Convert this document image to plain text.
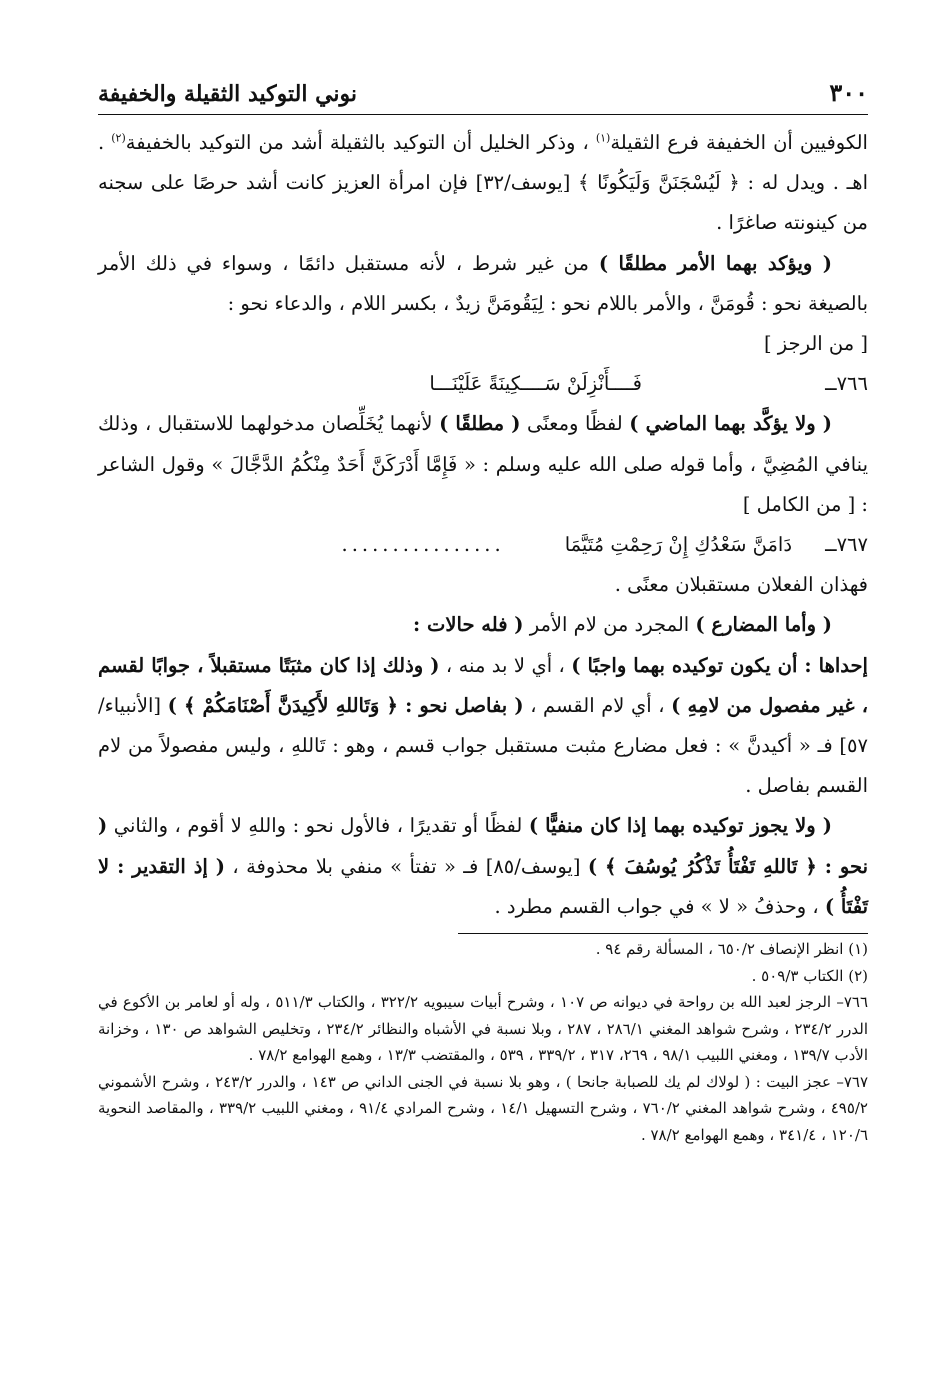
٣٠٠
نوني التوكيد الثقيلة والخفيفة

الكوفيين أن الخفيفة فرع الثقيلة$^{(١)}$ ، وذكر الخليل أن التوكيد بالثقيلة أشد من التوكيد بالخفيفة$^{(٢)}$ . اهـ . ويدل له : ﴿ لَيُسْجَنَنَّ وَلَيَكُونًا ﴾ [يوسف/٣٢] فإن امرأة العزيز كانت أشد حرصًا على سجنه من كينونته صاغرًا .

( ويؤكد بهما الأمر مطلقًا ) من غير شرط ، لأنه مستقبل دائمًا ، وسواء في ذلك الأمر بالصيغة نحو : قُومَنَّ ، والأمر باللام نحو : لِيَقُومَنَّ زيدٌ ، بكسر اللام ، والدعاء نحو :

[ من الرجز ]

٧٦٦ــ
فَــــأَنْزِلَنْ سَــــكِينَةً عَلَيْنَـــا

( ولا يؤكَّد بهما الماضي ) لفظًا ومعنًى ( مطلقًا ) لأنهما يُخَلِّصان مدخولهما للاستقبال ، وذلك ينافي المُضِيَّ ، وأما قوله صلى الله عليه وسلم : « فَإِمَّا أَدْرَكَنَّ أَحَدٌ مِنْكُمُ الدَّجَّالَ » وقول الشاعر : [ من الكامل ]

٧٦٧ــ
دَامَنَّ سَعْدُكِ إِنْ رَحِمْتِ مُتَيَّمَا
................

فهذان الفعلان مستقبلان معنًى .

( وأما المضارع ) المجرد من لام الأمر ( فله حالات :

إحداها : أن يكون توكيده بهما واجبًا ) ، أي لا بد منه ، ( وذلك إذا كان مثبَتًا مستقبلاً ، جوابًا لقسم ، غير مفصول من لامِهِ ) ، أي لام القسم ، ( بفاصل نحو : ﴿ وَتَاللهِ لأَكِيدَنَّ أَصْنَامَكُمْ ﴾ ) [الأنبياء/٥٧] فـ « أكيدنَّ » : فعل مضارع مثبت مستقبل جواب قسم ، وهو : تَاللهِ ، وليس مفصولاً من لام القسم بفاصل .

( ولا يجوز توكيده بهما إذا كان منفيًّا ) لفظًا أو تقديرًا ، فالأول نحو : واللهِ لا أقوم ، والثاني ( نحو : ﴿ تَاللهِ تَفْتَأُ تَذْكُرُ يُوسُفَ ﴾ ) [يوسف/٨٥] فـ « تفتأ » منفي بلا محذوفة ، ( إذ التقدير : لا تَفْتَأُ ) ، وحذفُ « لا » في جواب القسم مطرد .

(١) انظر الإنصاف ٦٥٠/٢ ، المسألة رقم ٩٤ .

(٢) الكتاب ٥٠٩/٣ .

٧٦٦– الرجز لعبد الله بن رواحة في ديوانه ص ١٠٧ ، وشرح أبيات سيبويه ٣٢٢/٢ ، والكتاب ٥١١/٣ ، وله أو لعامر بن الأكوع في الدرر ٢٣٤/٢ ، وشرح شواهد المغني ٢٨٦/١ ، ٢٨٧ ، وبلا نسبة في الأشباه والنظائر ٢٣٤/٢ ، وتخليص الشواهد ص ١٣٠ ، وخزانة الأدب ١٣٩/٧ ، ومغني اللبيب ٩٨/١ ، ٢٦٩، ٣١٧ ، ٣٣٩/٢ ، ٥٣٩ ، والمقتضب ١٣/٣ ، وهمع الهوامع ٧٨/٢ .

٧٦٧– عجز البيت : ( لولاك لم يك للصبابة جانحا ) ، وهو بلا نسبة في الجنى الداني ص ١٤٣ ، والدرر ٢٤٣/٢ ، وشرح الأشموني ٤٩٥/٢ ، وشرح شواهد المغني ٧٦٠/٢ ، وشرح التسهيل ١٤/١ ، وشرح المرادي ٩١/٤ ، ومغني اللبيب ٣٣٩/٢ ، والمقاصد النحوية ١٢٠/٦ ، ٣٤١/٤ ، وهمع الهوامع ٧٨/٢ .
